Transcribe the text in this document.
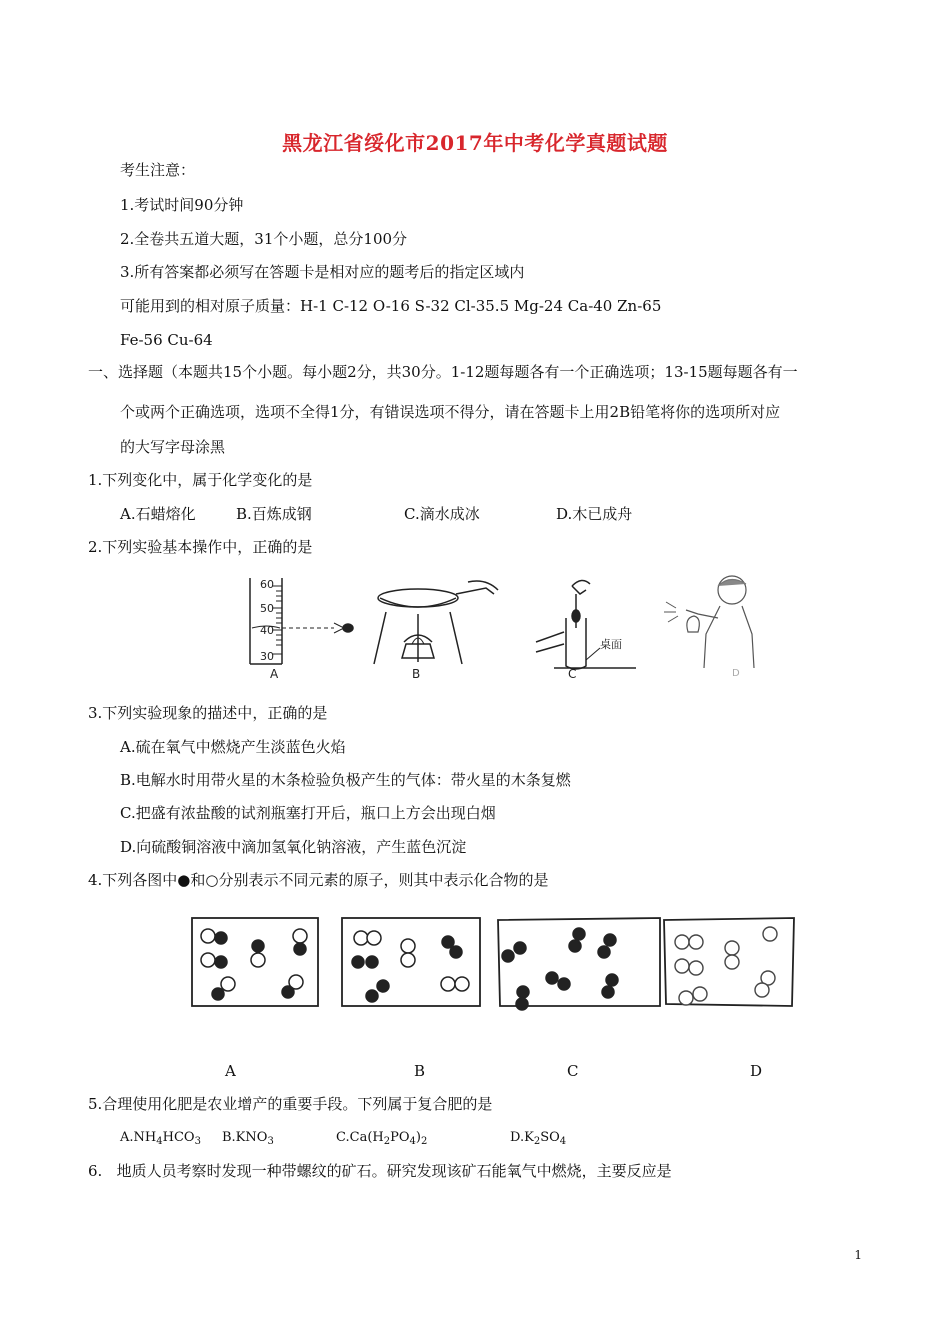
黑龙江省绥化市2017年中考化学真题试题
考生注意：
1.考试时间90分钟
2.全卷共五道大题，31个小题，总分100分
3.所有答案都必须写在答题卡是相对应的题考后的指定区域内
可能用到的相对原子质量：H-1 C-12 O-16 S-32 Cl-35.5 Mg-24 Ca-40 Zn-65
Fe-56 Cu-64
一、选择题（本题共15个小题。每小题2分，共30分。1-12题每题各有一个正确选项；13-15题每题各有一
个或两个正确选项，选项不全得1分，有错误选项不得分，请在答题卡上用2B铅笔将你的选项所对应
的大写字母涂黑
1.下列变化中，属于化学变化的是
A.石蜡熔化	B.百炼成钢	C.滴水成冰	D.木已成舟
2.下列实验基本操作中，正确的是
60
50
40
30
桌面
A	B	C	D
3.下列实验现象的描述中，正确的是
A.硫在氧气中燃烧产生淡蓝色火焰
B.电解水时用带火星的木条检验负极产生的气体：带火星的木条复燃
C.把盛有浓盐酸的试剂瓶塞打开后，瓶口上方会出现白烟
D.向硫酸铜溶液中滴加氢氧化钠溶液，产生蓝色沉淀
4.下列各图中●和○分别表示不同元素的原子，则其中表示化合物的是
A	B	C	D
5.合理使用化肥是农业增产的重要手段。下列属于复合肥的是
$A.NH_4HCO_3$ $B.KNO_3$	$C.Ca(H_2PO_4)_2$	$D.K_2SO_4$
6.   地质人员考察时发现一种带螺纹的矿石。研究发现该矿石能氧气中燃烧，主要反应是
1
